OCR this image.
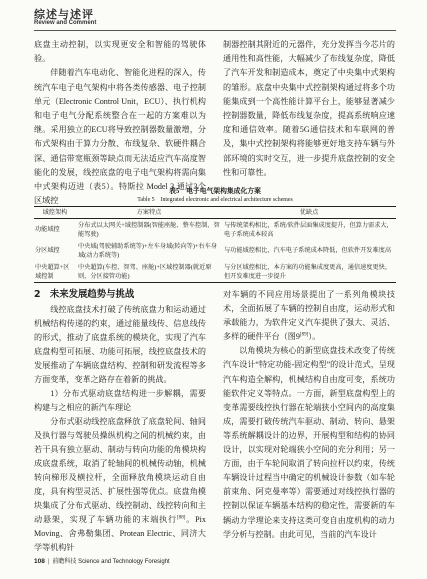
综述与述评
Review and Comment

底盘主动控制，以实现更安全和智能的驾驶体验。

伴随着汽车电动化、智能化进程的深入，传统汽车电子电气架构中将各类传感器、电子控制单元（Electronic Control Unit，ECU）、执行机构和电子电气分配系统整合在一起的方案难以为继。采用独立的ECU将导致控制器数量激增，分布式架构由于算力分散、布线复杂、软硬件耦合深、通信带宽瓶颈等缺点而无法适应汽车高度智能化的发展，线控底盘的电子电气架构将需向集中式架构迈进（表5）。特斯拉 Model 3 通过3个区域控

制器控制其附近的元器件，充分发挥当今芯片的通用性和高性能，大幅减少了布线复杂度，降低了汽车开发和制造成本，奠定了中央集中式架构的雏形。底盘中央集中式控制架构通过将多个功能集成到一个高性能计算平台上，能够显著减少控制器数量，降低布线复杂度，提高系统响应速度和通信效率。随着5G通信技术和车联网的普及，集中式控制架构将能够更好地支持车辆与外部环境的实时交互，进一步提升底盘控制的安全性和可靠性。

表5　电子电气架构集成化方案
Table 5　Integrated electronic and electrical architecture schemes
域控架构	方案特点	优缺点
功能域控	分布式以太网关+域控制器(智能座舱、整车控制、智能驾驶)	与传统架构相比，系统/软件层面集成度提升，但算力需求大，电子系统成本较高
分区域控	中央域(驾驶辅助系统等)+左车身域(转向等)+右车身域(动力系统等)	与功能域控相比，汽车电子系统成本降低，但软件开发难度高
中央超算+区域控制	中央超算(车控、智驾、座舱)+区域控制器(就近原则，分区接管功能)	与分区域控相比，本方案的功能集成度更高，通信速度更快，但开发难度进一步提升
2　未来发展趋势与挑战

线控底盘技术打破了传统底盘力和运动通过机械结构传递的约束，通过能量线传、信息线传的形式，推动了底盘系统的模块化，实现了汽车底盘构型可拓展、功能可拓展，线控底盘技术的发展推动了车辆底盘结构、控制和研发流程等多方面变革，变革之路存在着新的挑战。

1）分布式驱动底盘结构进一步解耦，需要构建与之相应的新汽车理论

分布式驱动线控底盘释放了底盘轮间、轴间及执行器与驾驶员操纵机构之间的机械约束，由若干具有独立驱动、制动与转向功能的角模块构成底盘系统，取消了轮轴间的机械传动轴，机械转向梯形及横拉杆，全面释放角模块运动自由度，具有构型灵活、扩展性强等优点。底盘角模块集成了分布式驱动、线控制动、线控转向和主动悬架，实现了车辆功能的末端执行[88]。Pix Moving、舍弗勒集团、Protean Electric、同济大学等机构针

对车辆的不同应用场景提出了一系列角模块技术，全面拓展了车辆的控制自由度，运动形式和承载能力，为软件定义汽车提供了强大、灵活、多样的硬件平台（图9[89]）。

以角模块为核心的新型底盘技术改变了传统汽车设计“特定功能-固定构型”的设计范式，呈现汽车构造全解构，机械结构自由度可变，系统功能软件定义等特点。一方面，新型底盘构型上的变革需要线控执行器在轮端狭小空间内的高度集成，需要打破传统汽车驱动、制动、转向、悬架等系统解耦设计的边界，开展构型和结构的协同设计，以实现对轮端狭小空间的充分利用；另一方面，由于车轮间取消了转向拉杆以约束，传统车辆设计过程当中确定的机械设计参数（如车轮前束角、阿克曼率等）需要通过对线控执行器的控制以保证车辆基本结构的稳定性，需要新的车辆动力学理论来支持这类可变自由度机构的动力学分析与控制。由此可见，当前的汽车设计

108 | 前瞻科技 Science and Technology Foresight
